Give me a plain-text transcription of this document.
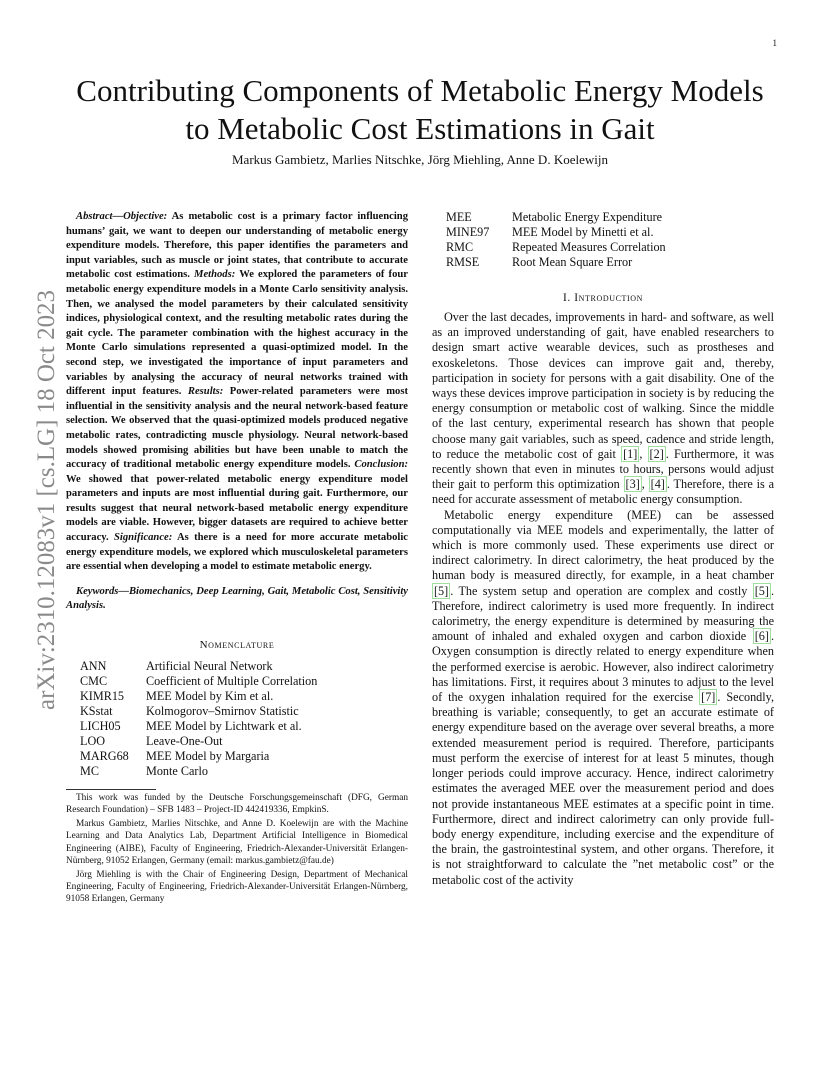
1
arXiv:2310.12083v1 [cs.LG] 18 Oct 2023
Contributing Components of Metabolic Energy Models to Metabolic Cost Estimations in Gait
Markus Gambietz, Marlies Nitschke, Jörg Miehling, Anne D. Koelewijn

Abstract—Objective: As metabolic cost is a primary factor influencing humans’ gait, we want to deepen our understanding of metabolic energy expenditure models. Therefore, this paper identifies the parameters and input variables, such as muscle or joint states, that contribute to accurate metabolic cost estimations. Methods: We explored the parameters of four metabolic energy expenditure models in a Monte Carlo sensitivity analysis. Then, we analysed the model parameters by their calculated sensitivity indices, physiological context, and the resulting metabolic rates during the gait cycle. The parameter combination with the highest accuracy in the Monte Carlo simulations represented a quasi-optimized model. In the second step, we investigated the importance of input parameters and variables by analysing the accuracy of neural networks trained with different input features. Results: Power-related parameters were most influential in the sensitivity analysis and the neural network-based feature selection. We observed that the quasi-optimized models produced negative metabolic rates, contradicting muscle physiology. Neural network-based models showed promising abilities but have been unable to match the accuracy of traditional metabolic energy expenditure models. Conclusion: We showed that power-related metabolic energy expenditure model parameters and inputs are most influential during gait. Furthermore, our results suggest that neural network-based metabolic energy expenditure models are viable. However, bigger datasets are required to achieve better accuracy. Significance: As there is a need for more accurate metabolic energy expenditure models, we explored which musculoskeletal parameters are essential when developing a model to estimate metabolic energy.

Keywords—Biomechanics, Deep Learning, Gait, Metabolic Cost, Sensitivity Analysis.

Nomenclature
ANN	Artificial Neural Network
CMC	Coefficient of Multiple Correlation
KIMR15	MEE Model by Kim et al.
KSstat	Kolmogorov–Smirnov Statistic
LICH05	MEE Model by Lichtwark et al.
LOO	Leave-One-Out
MARG68	MEE Model by Margaria
MC	Monte Carlo

This work was funded by the Deutsche Forschungsgemeinschaft (DFG, German Research Foundation) – SFB 1483 – Project-ID 442419336, EmpkinS.

Markus Gambietz, Marlies Nitschke, and Anne D. Koelewijn are with the Machine Learning and Data Analytics Lab, Department Artificial Intelligence in Biomedical Engineering (AIBE), Faculty of Engineering, Friedrich-Alexander-Universität Erlangen-Nürnberg, 91052 Erlangen, Germany (email: markus.gambietz@fau.de)

Jörg Miehling is with the Chair of Engineering Design, Department of Mechanical Engineering, Faculty of Engineering, Friedrich-Alexander-Universität Erlangen-Nürnberg, 91058 Erlangen, Germany

MEE	Metabolic Energy Expenditure
MINE97	MEE Model by Minetti et al.
RMC	Repeated Measures Correlation
RMSE	Root Mean Square Error
I. Introduction

Over the last decades, improvements in hard- and software, as well as an improved understanding of gait, have enabled researchers to design smart active wearable devices, such as prostheses and exoskeletons. Those devices can improve gait and, thereby, participation in society for persons with a gait disability. One of the ways these devices improve participation in society is by reducing the energy consumption or metabolic cost of walking. Since the middle of the last century, experimental research has shown that people choose many gait variables, such as speed, cadence and stride length, to reduce the metabolic cost of gait [1] , [2] . Furthermore, it was recently shown that even in minutes to hours, persons would adjust their gait to perform this optimization [3] , [4] . Therefore, there is a need for accurate assessment of metabolic energy consumption.

Metabolic energy expenditure (MEE) can be assessed computationally via MEE models and experimentally, the latter of which is more commonly used. These experiments use direct or indirect calorimetry. In direct calorimetry, the heat produced by the human body is measured directly, for example, in a heat chamber [5] . The system setup and operation are complex and costly [5] . Therefore, indirect calorimetry is used more frequently. In indirect calorimetry, the energy expenditure is determined by measuring the amount of inhaled and exhaled oxygen and carbon dioxide [6] . Oxygen consumption is directly related to energy expenditure when the performed exercise is aerobic. However, also indirect calorimetry has limitations. First, it requires about 3 minutes to adjust to the level of the oxygen inhalation required for the exercise [7] . Secondly, breathing is variable; consequently, to get an accurate estimate of energy expenditure based on the average over several breaths, a more extended measurement period is required. Therefore, participants must perform the exercise of interest for at least 5 minutes, though longer periods could improve accuracy. Hence, indirect calorimetry estimates the averaged MEE over the measurement period and does not provide instantaneous MEE estimates at a specific point in time. Furthermore, direct and indirect calorimetry can only provide full-body energy expenditure, including exercise and the expenditure of the brain, the gastrointestinal system, and other organs. Therefore, it is not straightforward to calculate the ”net metabolic cost” or the metabolic cost of the activity
